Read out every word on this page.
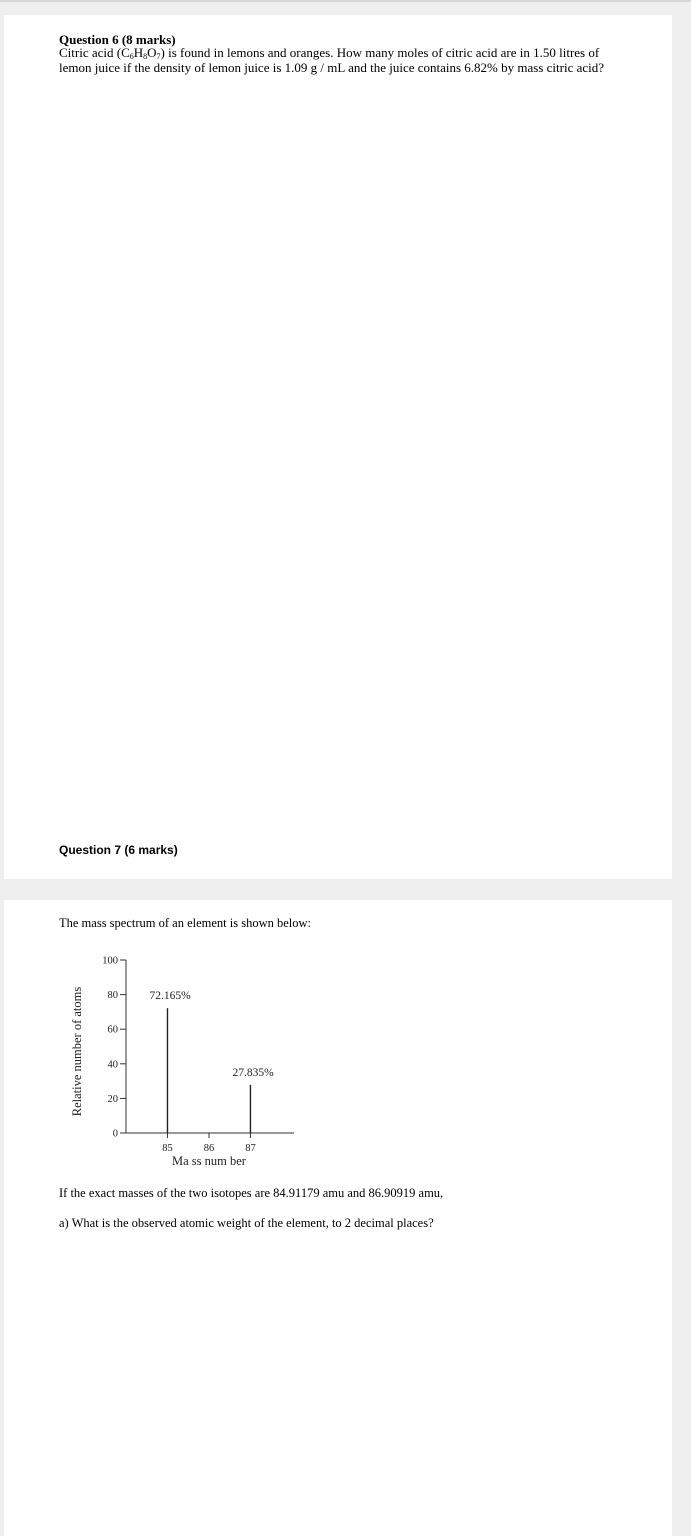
Question 6 (8 marks)

Citric acid $(C_6H_8O_7)$ is found in lemons and oranges. How many moles of citric acid are in 1.50 litres of
lemon juice if the density of lemon juice is 1.09 g / mL and the juice contains 6.82% by mass citric acid?

Question 7 (6 marks)

The mass spectrum of an element is shown below:

0
20
40
60
80
100
85	86	87
72.165%
27.835%
Ma ss num ber
Relative number of atoms

If the exact masses of the two isotopes are 84.91179 amu and 86.90919 amu,

a) What is the observed atomic weight of the element, to 2 decimal places?
